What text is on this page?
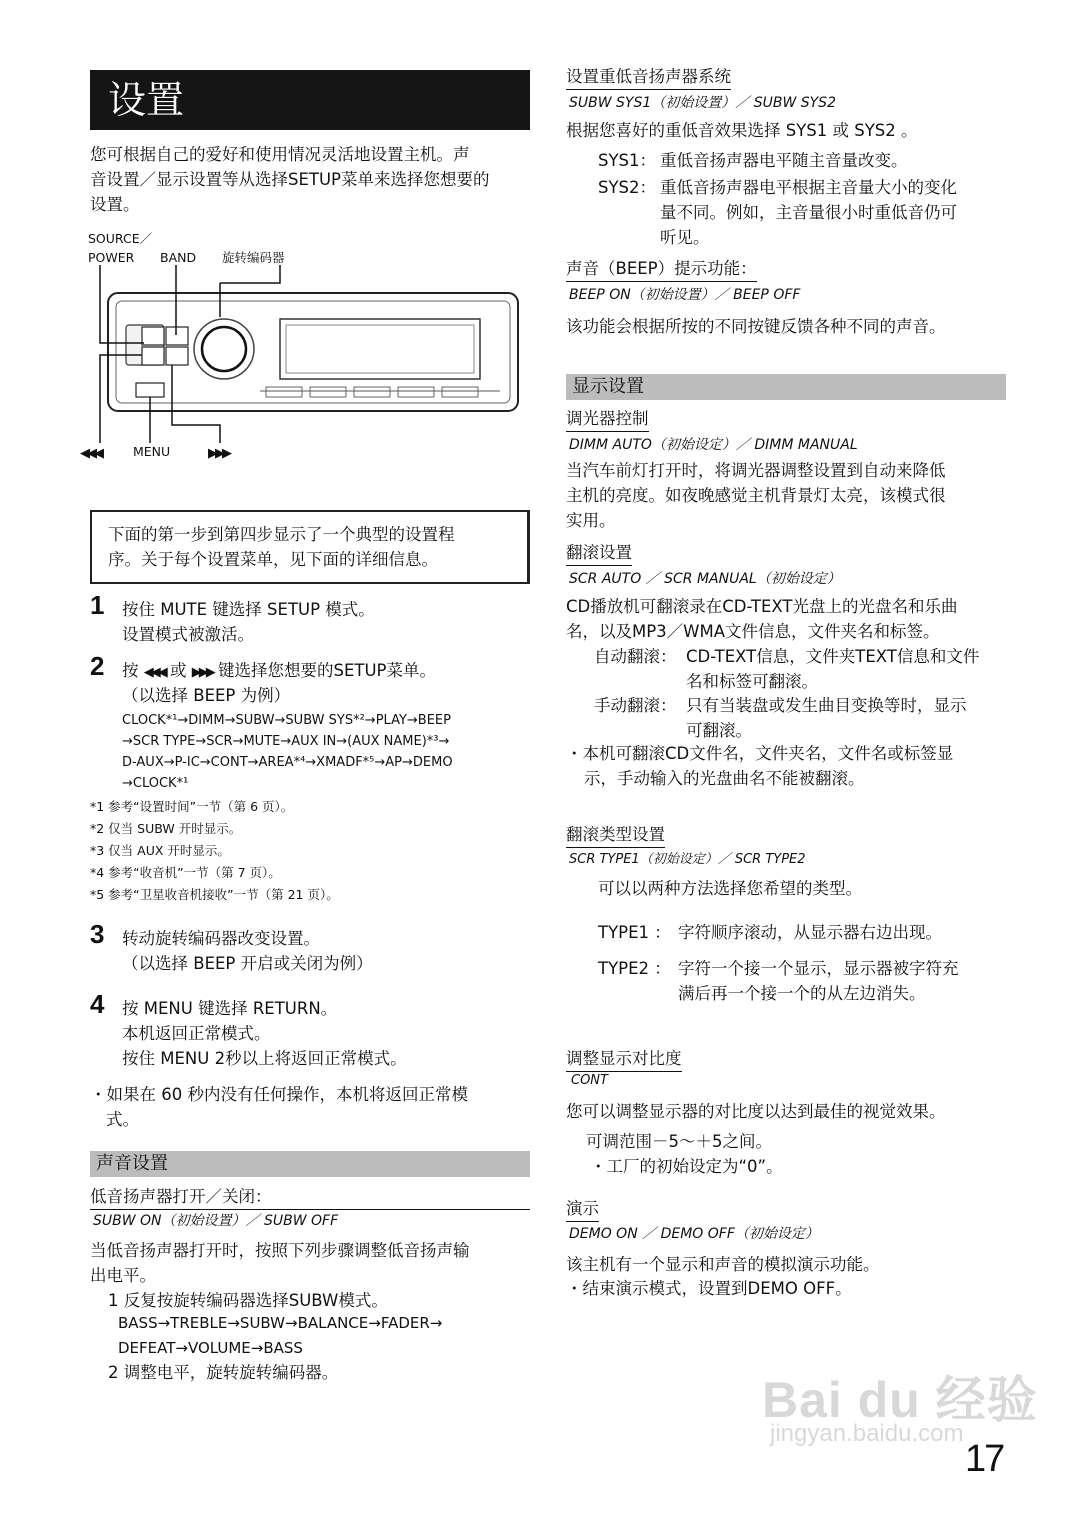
设置
您可根据自己的爱好和使用情况灵活地设置主机。声
音设置／显示设置等从选择SETUP菜单来选择您想要的
设置。
SOURCE／
POWER BAND 旋转编码器
◀◀◀	MENU	▶▶▶
下面的第一步到第四步显示了一个典型的设置程
序。关于每个设置菜单，见下面的详细信息。
1 按住 MUTE 键选择 SETUP 模式。
设置模式被激活。
2 按 ◀◀◀ 或 ▶▶▶ 键选择您想要的SETUP菜单。
（以选择 BEEP 为例）
CLOCK*¹→DIMM→SUBW→SUBW SYS*²→PLAY→BEEP
→SCR TYPE→SCR→MUTE→AUX IN→(AUX NAME)*³→
D-AUX→P-IC→CONT→AREA*⁴→XMADF*⁵→AP→DEMO
→CLOCK*¹
*1 参考“设置时间”一节（第 6 页）。
*2 仅当 SUBW 开时显示。
*3 仅当 AUX 开时显示。
*4 参考“收音机”一节（第 7 页）。
*5 参考“卫星收音机接收”一节（第 21 页）。
3 转动旋转编码器改变设置。
（以选择 BEEP 开启或关闭为例）
4 按 MENU 键选择 RETURN。
本机返回正常模式。
按住 MENU 2秒以上将返回正常模式。
・如果在 60 秒内没有任何操作，本机将返回正常模
式。
声音设置
低音扬声器打开／关闭：
SUBW ON（初始设置）／ SUBW OFF
当低音扬声器打开时，按照下列步骤调整低音扬声输
出电平。
1 反复按旋转编码器选择SUBW模式。
BASS→TREBLE→SUBW→BALANCE→FADER→
DEFEAT→VOLUME→BASS
2 调整电平，旋转旋转编码器。
设置重低音扬声器系统
SUBW SYS1（初始设置）／ SUBW SYS2
根据您喜好的重低音效果选择 SYS1 或 SYS2 。
SYS1： 重低音扬声器电平随主音量改变。
SYS2： 重低音扬声器电平根据主音量大小的变化
量不同。例如，主音量很小时重低音仍可
听见。
声音（BEEP）提示功能：
BEEP ON（初始设置）／ BEEP OFF
该功能会根据所按的不同按键反馈各种不同的声音。
显示设置
调光器控制
DIMM AUTO（初始设定）／ DIMM MANUAL
当汽车前灯打开时，将调光器调整设置到自动来降低
主机的亮度。如夜晚感觉主机背景灯太亮，该模式很
实用。
翻滚设置
SCR AUTO ／ SCR MANUAL（初始设定）
CD播放机可翻滚录在CD-TEXT光盘上的光盘名和乐曲
名，以及MP3／WMA文件信息，文件夹名和标签。
自动翻滚： CD-TEXT信息，文件夹TEXT信息和文件
名和标签可翻滚。
手动翻滚： 只有当装盘或发生曲目变换等时，显示
可翻滚。
・本机可翻滚CD文件名，文件夹名，文件名或标签显
示，手动输入的光盘曲名不能被翻滚。
翻滚类型设置
SCR TYPE1（初始设定）／ SCR TYPE2
可以以两种方法选择您希望的类型。
TYPE1 ： 字符顺序滚动，从显示器右边出现。
TYPE2 ： 字符一个接一个显示，显示器被字符充
满后再一个接一个的从左边消失。
调整显示对比度
CONT
您可以调整显示器的对比度以达到最佳的视觉效果。
可调范围－5～＋5之间。
・工厂的初始设定为“0”。
演示
DEMO ON ／ DEMO OFF（初始设定）
该主机有一个显示和声音的模拟演示功能。
・结束演示模式，设置到DEMO OFF。
Bai du 经验
jingyan.baidu.com
17
